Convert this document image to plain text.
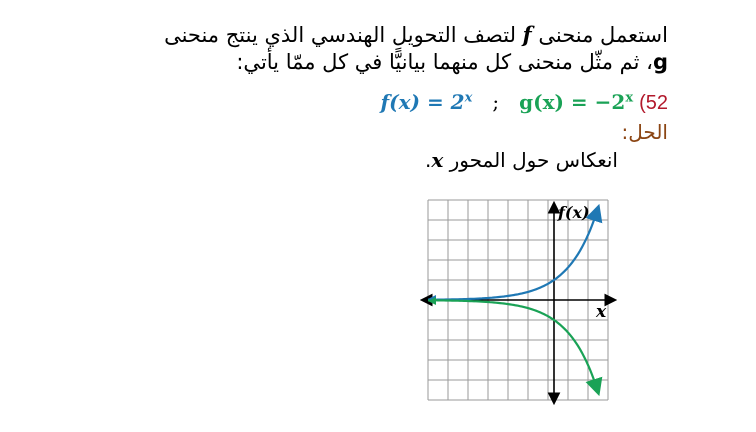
استعمل منحنى f لتصف التحويل الهندسي الذي ينتج منحنى
g، ثم مثّل منحنى كل منهما بيانيًّا في كل ممّا يأتي:
$f(x) = 2^x$ ; $g(x) = -2^x$ (52
الحل:
انعكاس حول المحور x.
f(x)
x
